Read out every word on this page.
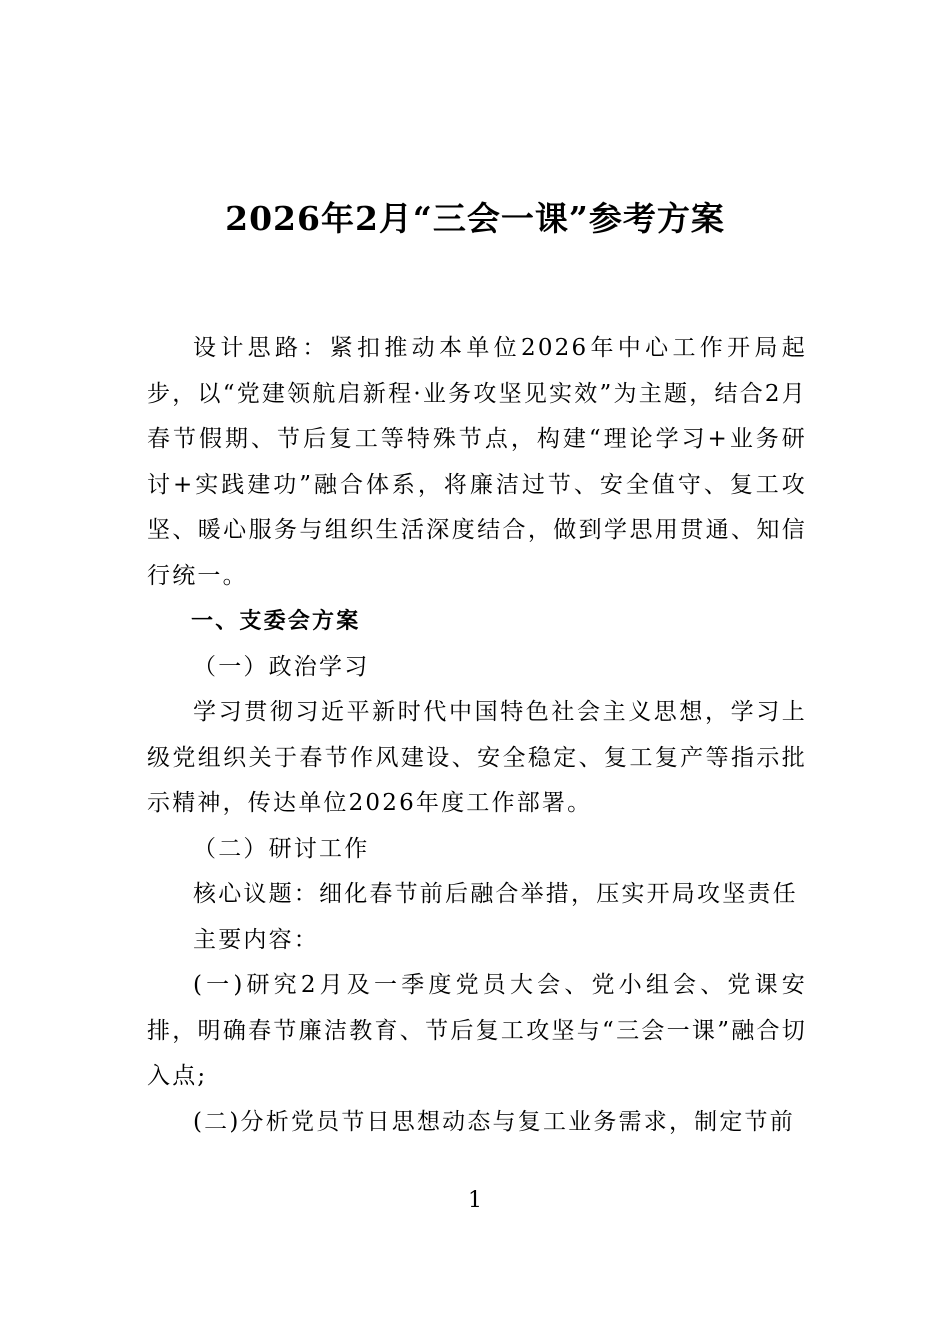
2026年2月“三会一课”参考方案

设计思路：紧扣推动本单位2026年中心工作开局起步，以“党建领航启新程·业务攻坚见实效”为主题，结合2月春节假期、节后复工等特殊节点，构建“理论学习+业务研讨+实践建功”融合体系，将廉洁过节、安全值守、复工攻坚、暖心服务与组织生活深度结合，做到学思用贯通、知信行统一。

一、支委会方案

（一）政治学习

学习贯彻习近平新时代中国特色社会主义思想，学习上级党组织关于春节作风建设、安全稳定、复工复产等指示批示精神，传达单位2026年度工作部署。

（二）研讨工作

核心议题：细化春节前后融合举措，压实开局攻坚责任

主要内容：

(一)研究2月及一季度党员大会、党小组会、党课安排，明确春节廉洁教育、节后复工攻坚与“三会一课”融合切入点;

(二)分析党员节日思想动态与复工业务需求，制定节前

1
